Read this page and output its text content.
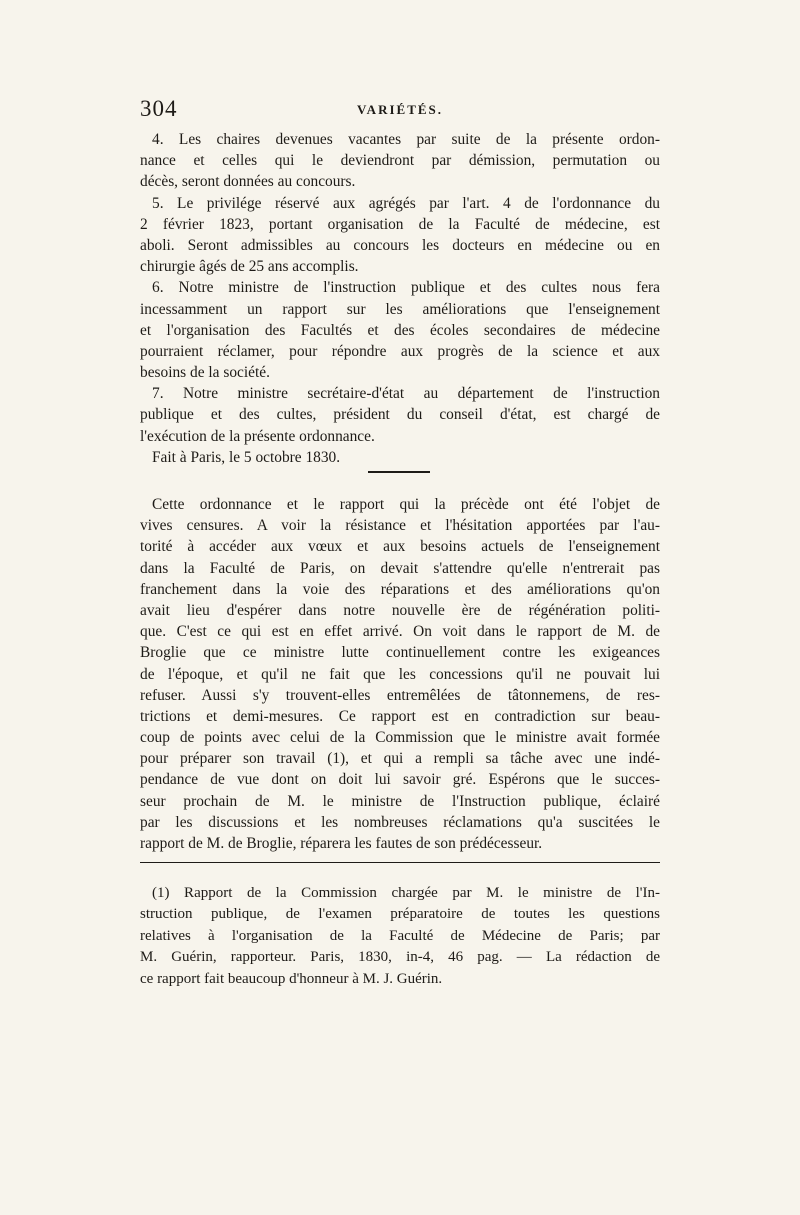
304	VARIÉTÉS.
4. Les chaires devenues vacantes par suite de la présente ordon-
nance et celles qui le deviendront par démission, permutation ou
décès, seront données au concours.
5. Le privilége réservé aux agrégés par l'art. 4 de l'ordonnance du
2 février 1823, portant organisation de la Faculté de médecine, est
aboli. Seront admissibles au concours les docteurs en médecine ou en
chirurgie âgés de 25 ans accomplis.
6. Notre ministre de l'instruction publique et des cultes nous fera
incessamment un rapport sur les améliorations que l'enseignement
et l'organisation des Facultés et des écoles secondaires de médecine
pourraient réclamer, pour répondre aux progrès de la science et aux
besoins de la société.
7. Notre ministre secrétaire-d'état au département de l'instruction
publique et des cultes, président du conseil d'état, est chargé de
l'exécution de la présente ordonnance.
Fait à Paris, le 5 octobre 1830.
Cette ordonnance et le rapport qui la précède ont été l'objet de
vives censures. A voir la résistance et l'hésitation apportées par l'au-
torité à accéder aux vœux et aux besoins actuels de l'enseignement
dans la Faculté de Paris, on devait s'attendre qu'elle n'entrerait pas
franchement dans la voie des réparations et des améliorations qu'on
avait lieu d'espérer dans notre nouvelle ère de régénération politi-
que. C'est ce qui est en effet arrivé. On voit dans le rapport de M. de
Broglie que ce ministre lutte continuellement contre les exigeances
de l'époque, et qu'il ne fait que les concessions qu'il ne pouvait lui
refuser. Aussi s'y trouvent-elles entremêlées de tâtonnemens, de res-
trictions et demi-mesures. Ce rapport est en contradiction sur beau-
coup de points avec celui de la Commission que le ministre avait formée
pour préparer son travail (1), et qui a rempli sa tâche avec une indé-
pendance de vue dont on doit lui savoir gré. Espérons que le succes-
seur prochain de M. le ministre de l'Instruction publique, éclairé
par les discussions et les nombreuses réclamations qu'a suscitées le
rapport de M. de Broglie, réparera les fautes de son prédécesseur.
(1) Rapport de la Commission chargée par M. le ministre de l'In-
struction publique, de l'examen préparatoire de toutes les questions
relatives à l'organisation de la Faculté de Médecine de Paris; par
M. Guérin, rapporteur. Paris, 1830, in-4, 46 pag. — La rédaction de
ce rapport fait beaucoup d'honneur à M. J. Guérin.
